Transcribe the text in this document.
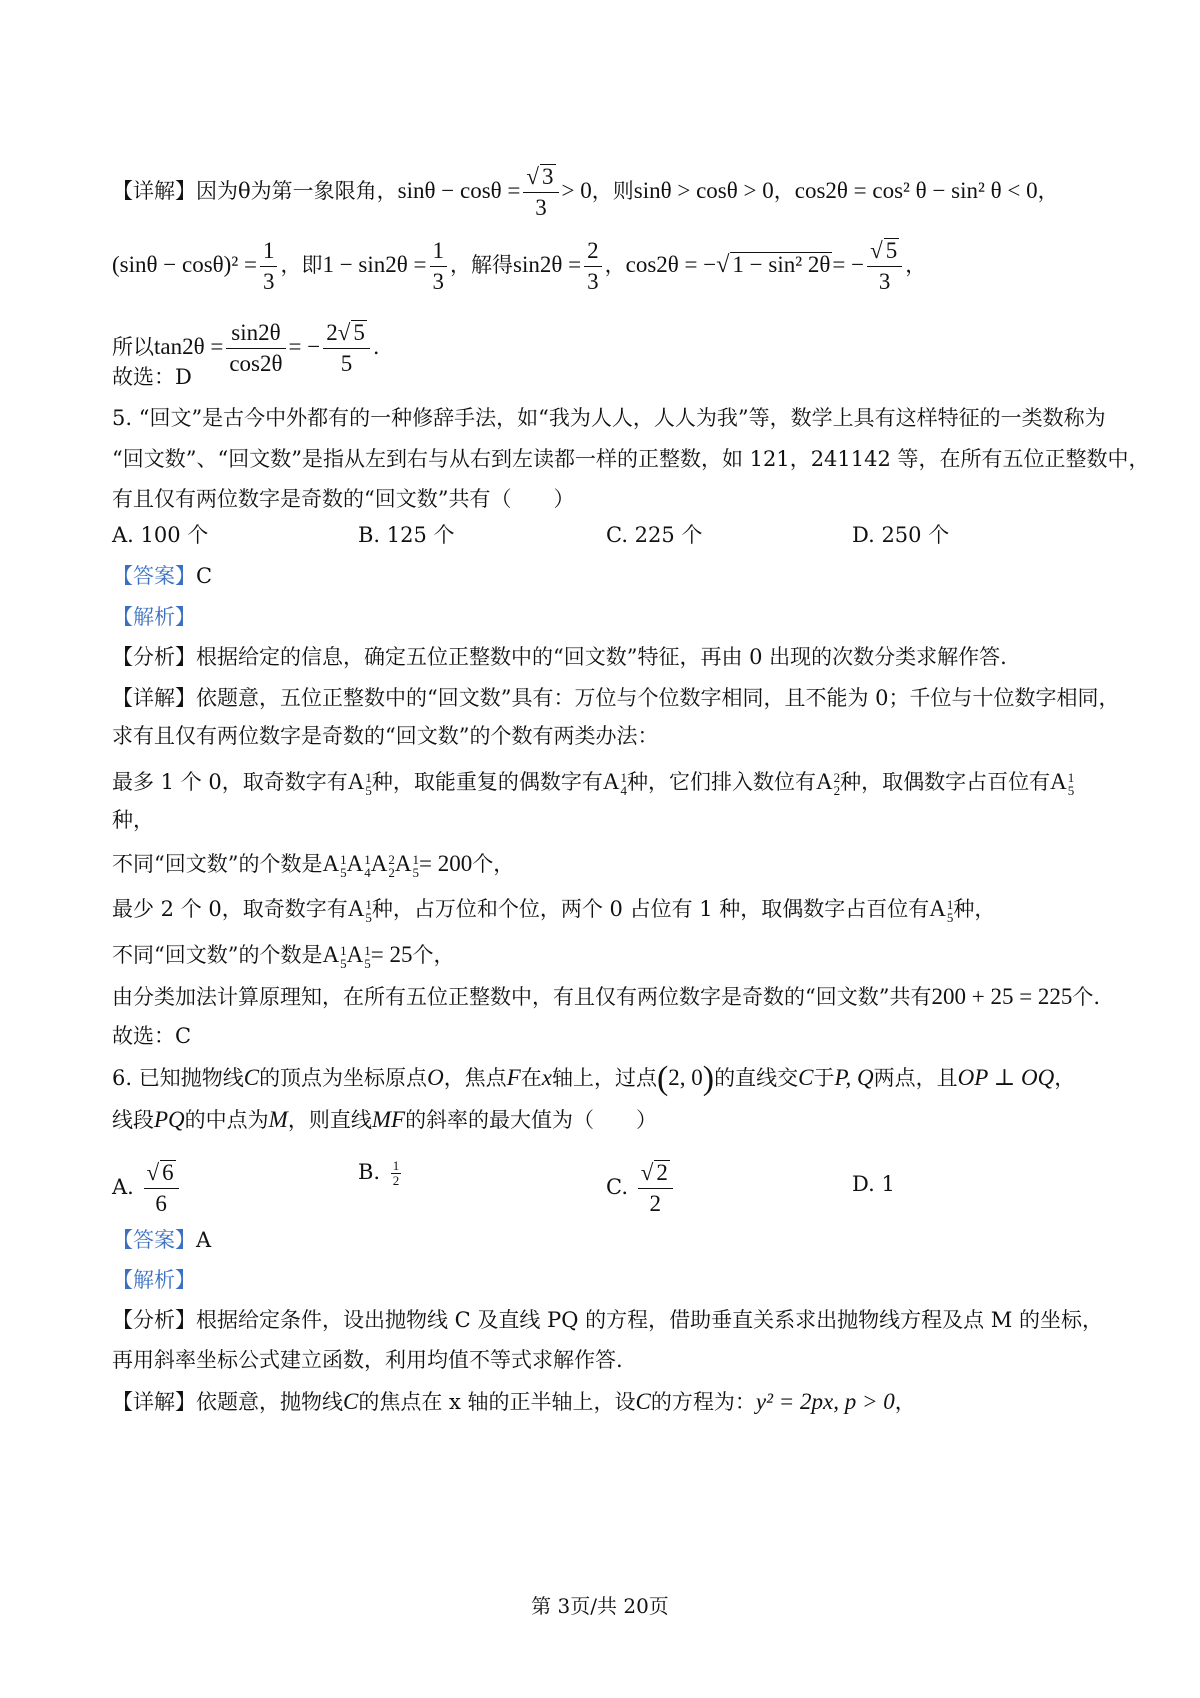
【详解】因为θ为第一象限角，$\sin\theta - \cos\theta = \frac{√ 3}{3} > 0$，则sinθ > cosθ > 0，cos2θ = cos² θ − sin² θ < 0，
$(\sin\theta - \cos\theta)^2 = \frac{1}{3}$ ，即$1 - \sin 2\theta = \frac{1}{3}$ ，解得$\sin 2\theta = \frac{2}{3}$ ，cos2θ = −√ 1 − sin² $2\theta= - \frac{√ 5}{3}$ ，
所以$\tan 2\theta = \frac{\sin 2\theta}{\cos 2\theta}$ = − $\frac{2√ 5}{5}$ .
故选：D
5. “回文”是古今中外都有的一种修辞手法，如“我为人人，人人为我”等，数学上具有这样特征的一类数称为
“回文数”、“回文数”是指从左到右与从右到左读都一样的正整数，如 121，241142 等，在所有五位正整数中，
有且仅有两位数字是奇数的“回文数”共有（　　）
A. 100 个	B. 125 个	C. 225 个	D. 250 个
【答案】C
【解析】
【分析】根据给定的信息，确定五位正整数中的“回文数”特征，再由 0 出现的次数分类求解作答.
【详解】依题意，五位正整数中的“回文数”具有：万位与个位数字相同，且不能为 0；千位与十位数字相同，
求有且仅有两位数字是奇数的“回文数”的个数有两类办法：
最多 1 个 0，取奇数字有A 1
5 种，取能重复的偶数字有A 1
4 种，它们排入数位有A 2
2 种，取偶数字占百位有A 1
5
种，
不同“回文数”的个数是A 1
5 A 1
4 A 2
2 A 1
5 = 200个，
最少 2 个 0，取奇数字有A 1
5 种，占万位和个位，两个 0 占位有 1 种，取偶数字占百位有A 1
5 种，
不同“回文数”的个数是A 1
5 A 1
5 = 25个，
由分类加法计算原理知，在所有五位正整数中，有且仅有两位数字是奇数的“回文数”共有200 + 25 = 225个.
故选：C
6. 已知抛物线C的顶点为坐标原点O，焦点F在x轴上，过点(2, 0)的直线交C于P, Q两点，且OP ⊥ OQ，
线段PQ的中点为M，则直线MF的斜率的最大值为（　　）
A. $\frac{√ 6}{6}$	B. $\frac{1}{2}$	C. $\frac{√ 2}{2}$	D. 1
【答案】A
【解析】
【分析】根据给定条件，设出抛物线 C 及直线 PQ 的方程，借助垂直关系求出抛物线方程及点 M 的坐标，
再用斜率坐标公式建立函数，利用均值不等式求解作答.
【详解】依题意，抛物线C的焦点在 x 轴的正半轴上，设C的方程为：y² = 2px, p > 0，
第 3页/共 20页
